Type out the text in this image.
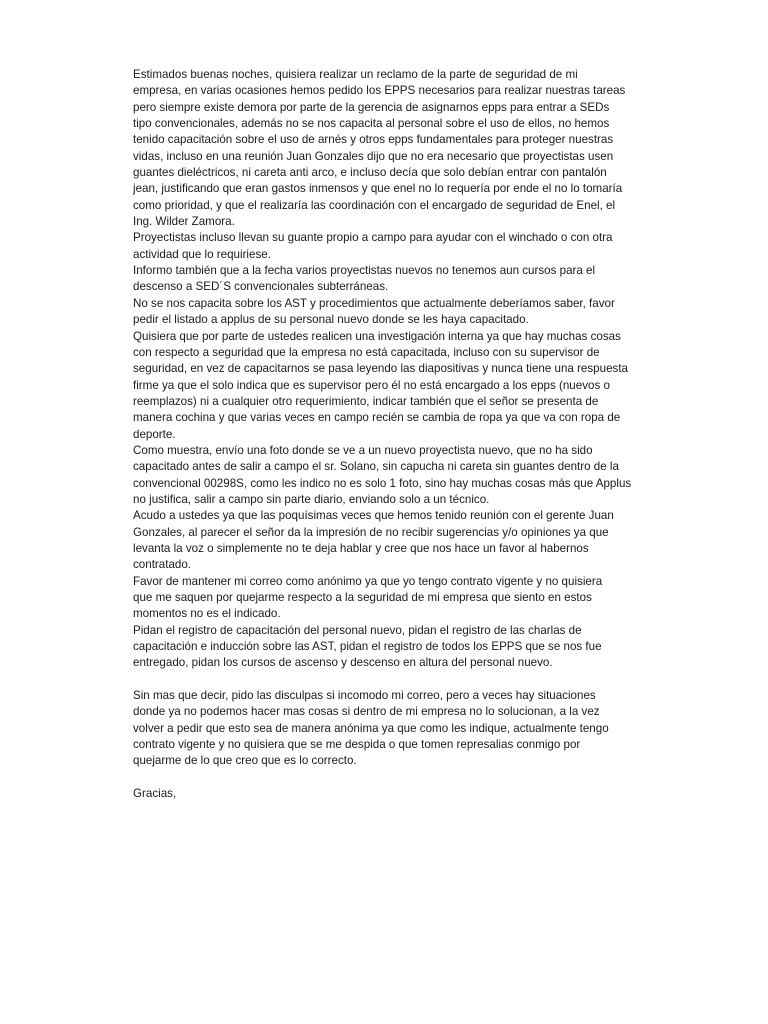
Estimados buenas noches, quisiera realizar un reclamo de la parte de seguridad de mi
empresa, en varias ocasiones hemos pedido los EPPS necesarios para realizar nuestras tareas
pero siempre existe demora por parte de la gerencia de asignarnos epps para entrar a SEDs
tipo convencionales, además no se nos capacita al personal sobre el uso de ellos, no hemos
tenido capacitación sobre el uso de arnés y otros epps fundamentales para proteger nuestras
vidas, incluso en una reunión Juan Gonzales dijo que no era necesario que proyectistas usen
guantes dieléctricos, ni careta anti arco, e incluso decía que solo debían entrar con pantalón
jean, justificando que eran gastos inmensos y que enel no lo requería por ende el no lo tomaría
como prioridad, y que el realizaría las coordinación con el encargado de seguridad de Enel, el
Ing. Wilder Zamora.

Proyectistas incluso llevan su guante propio a campo para ayudar con el winchado o con otra
actividad que lo requiriese.

Informo también que a la fecha varios proyectistas nuevos no tenemos aun cursos para el
descenso a SED´S convencionales subterráneas.

No se nos capacita sobre los AST y procedimientos que actualmente deberíamos saber, favor
pedir el listado a applus de su personal nuevo donde se les haya capacitado.

Quisiera que por parte de ustedes realicen una investigación interna ya que hay muchas cosas
con respecto a seguridad que la empresa no está capacitada, incluso con su supervisor de
seguridad, en vez de capacitarnos se pasa leyendo las diapositivas y nunca tiene una respuesta
firme ya que el solo indica que es supervisor pero él no está encargado a los epps (nuevos o
reemplazos) ni a cualquier otro requerimiento, indicar también que el señor se presenta de
manera cochina y que varias veces en campo recién se cambia de ropa ya que va con ropa de
deporte.

Como muestra, envío una foto donde se ve a un nuevo proyectista nuevo, que no ha sido
capacitado antes de salir a campo el sr. Solano, sin capucha ni careta sin guantes dentro de la
convencional 00298S, como les indico no es solo 1 foto, sino hay muchas cosas más que Applus
no justifica, salir a campo sin parte diario, enviando solo a un técnico.

Acudo a ustedes ya que las poquísimas veces que hemos tenido reunión con el gerente Juan
Gonzales, al parecer el señor da la impresión de no recibir sugerencias y/o opiniones ya que
levanta la voz o simplemente no te deja hablar y cree que nos hace un favor al habernos
contratado.

Favor de mantener mi correo como anónimo ya que yo tengo contrato vigente y no quisiera
que me saquen por quejarme respecto a la seguridad de mi empresa que siento en estos
momentos no es el indicado.

Pidan el registro de capacitación del personal nuevo, pidan el registro de las charlas de
capacitación e inducción sobre las AST, pidan el registro de todos los EPPS que se nos fue
entregado, pidan los cursos de ascenso y descenso en altura del personal nuevo.

Sin mas que decir, pido las disculpas si incomodo mi correo, pero a veces hay situaciones
donde ya no podemos hacer mas cosas si dentro de mi empresa no lo solucionan, a la vez
volver a pedir que esto sea de manera anónima ya que como les indique, actualmente tengo
contrato vigente y no quisiera que se me despida o que tomen represalias conmigo por
quejarme de lo que creo que es lo correcto.

Gracias,
